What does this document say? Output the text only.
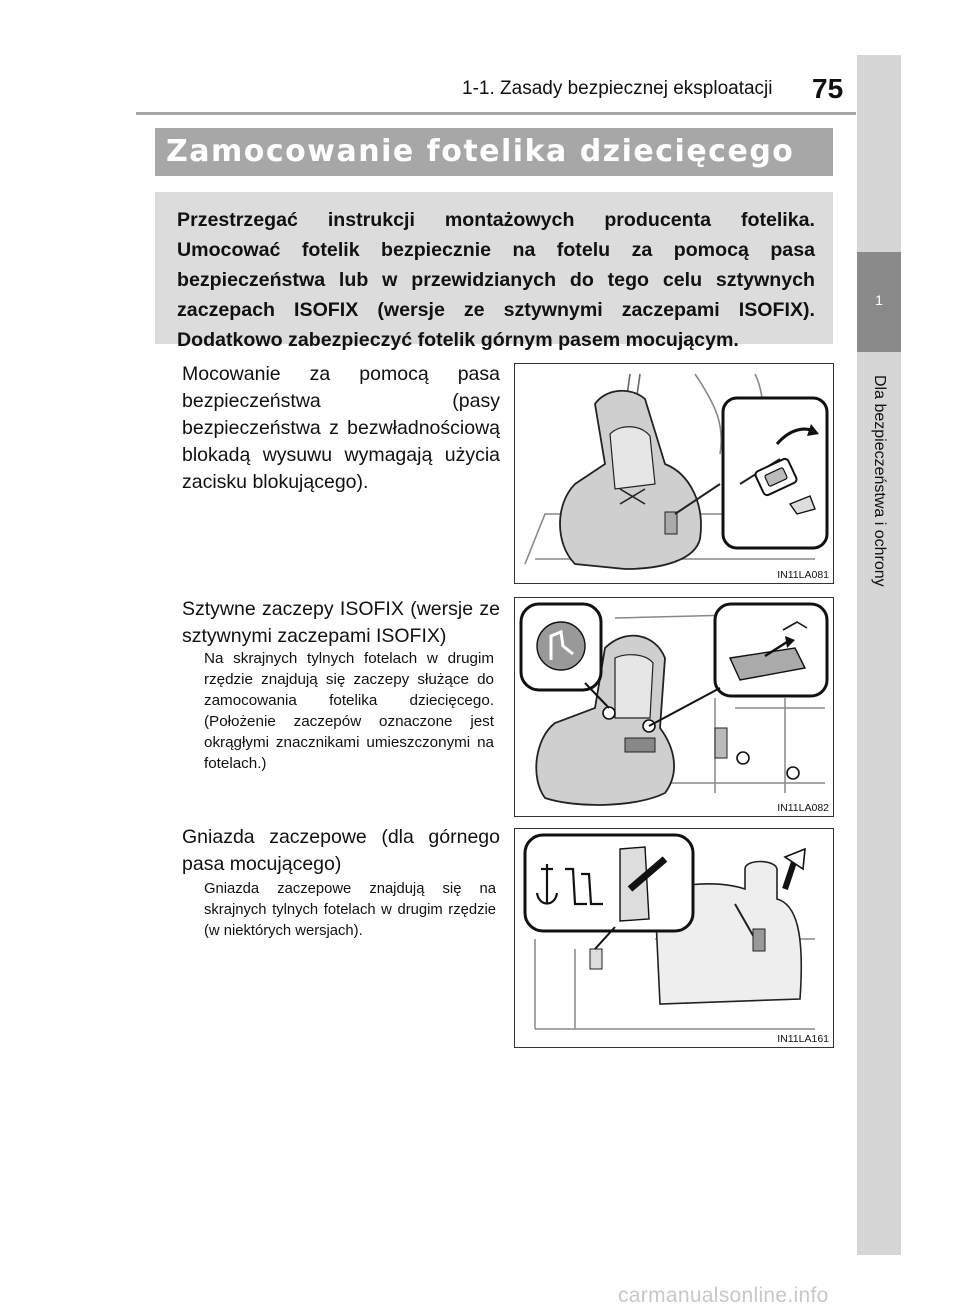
1
Dla bezpieczeństwa i ochrony
1-1. Zasady bezpiecznej eksploatacji 75
Zamocowanie fotelika dziecięcego
Przestrzegać instrukcji montażowych producenta fotelika. Umocować fotelik bezpiecznie na fotelu za pomocą pasa bezpieczeństwa lub w przewidzianych do tego celu sztywnych zaczepach ISOFIX (wersje ze sztywnymi zaczepami ISOFIX). Dodatkowo zabezpieczyć fotelik górnym pasem mocującym.
Mocowanie za pomocą pasa bezpieczeństwa (pasy bezpieczeństwa z bezwładnościową blokadą wysuwu wymagają użycia zacisku blokującego).
Sztywne zaczepy ISOFIX (wersje ze sztywnymi zaczepami ISOFIX)
Na skrajnych tylnych fotelach w drugim rzędzie znajdują się zaczepy służące do zamocowania fotelika dziecięcego. (Położenie zaczepów oznaczone jest okrągłymi znacznikami umieszczonymi na fotelach.)
Gniazda zaczepowe (dla górnego pasa mocującego)
Gniazda zaczepowe znajdują się na skrajnych tylnych fotelach w drugim rzędzie (w niektórych wersjach).
IN11LA081
IN11LA082
IN11LA161
carmanualsonline.info
